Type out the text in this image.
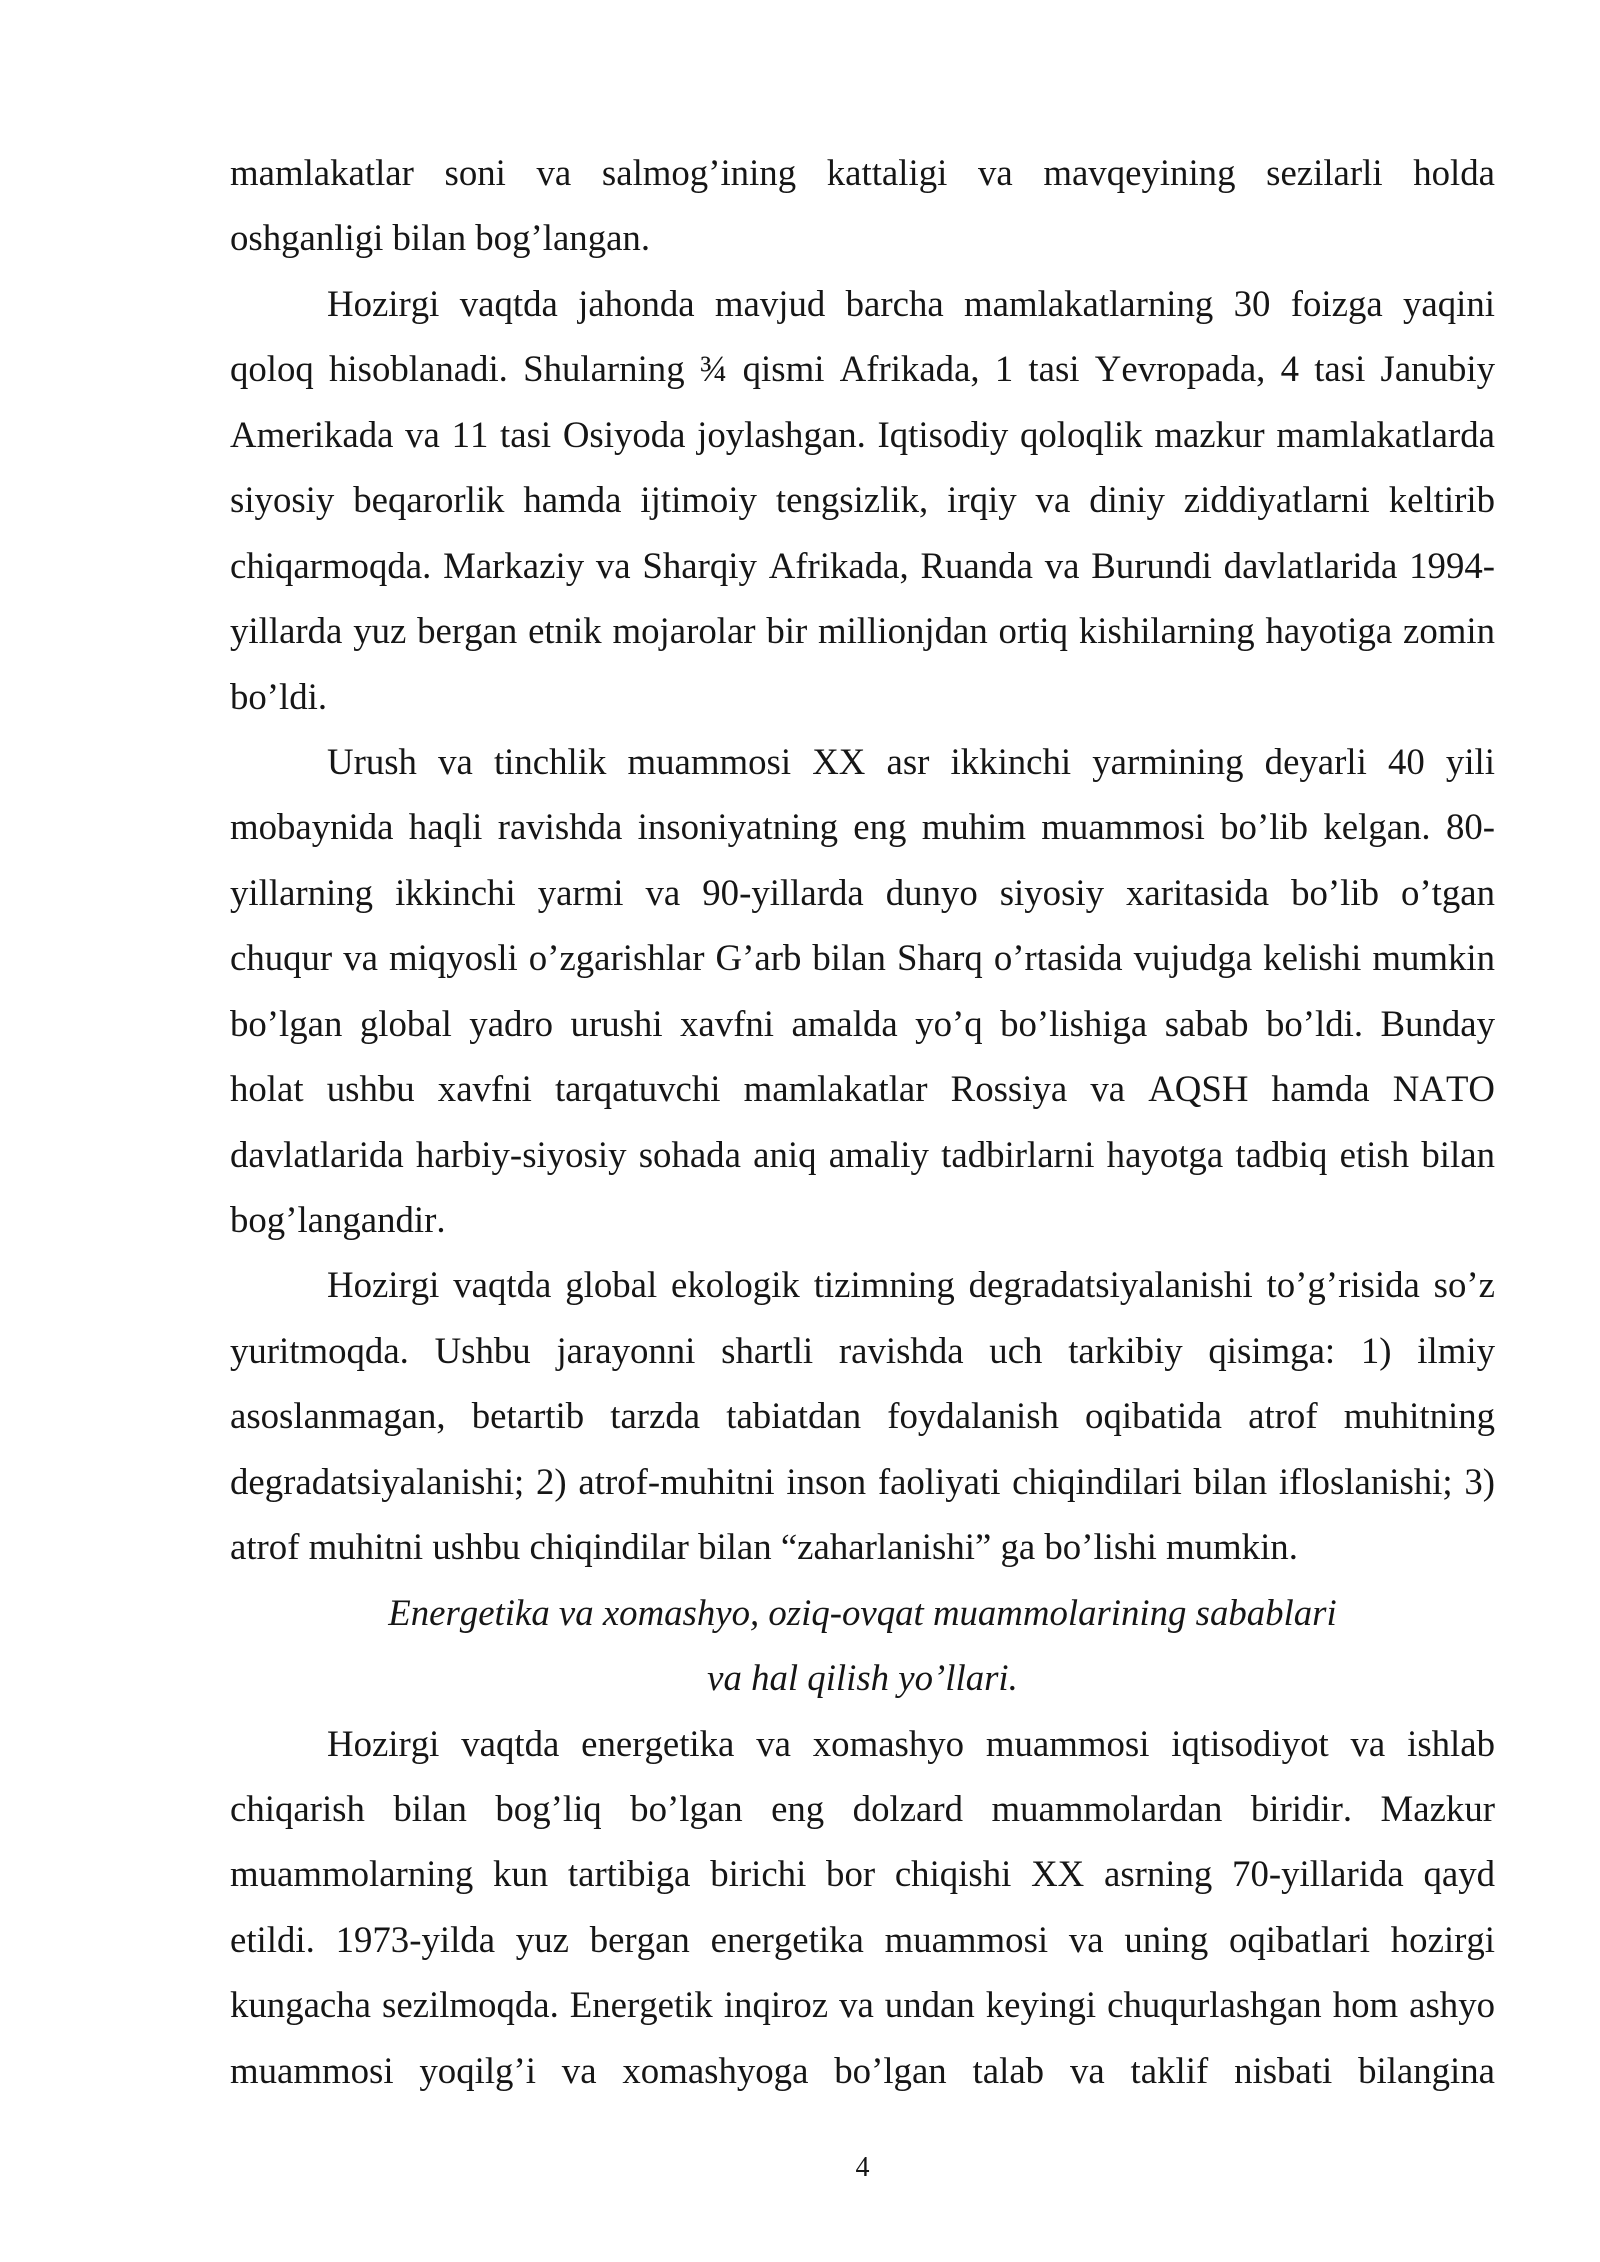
mamlakatlar soni va salmog’ining kattaligi va mavqeyining sezilarli holda
oshganligi bilan bog’langan.
Hozirgi vaqtda jahonda mavjud barcha mamlakatlarning 30 foizga yaqini
qoloq hisoblanadi. Shularning ¾ qismi Afrikada, 1 tasi Yevropada, 4 tasi Janubiy
Amerikada va 11 tasi Osiyoda joylashgan. Iqtisodiy qoloqlik mazkur mamlakatlarda
siyosiy beqarorlik hamda ijtimoiy tengsizlik, irqiy va diniy ziddiyatlarni keltirib
chiqarmoqda. Markaziy va Sharqiy Afrikada, Ruanda va Burundi davlatlarida 1994-
yillarda yuz bergan etnik mojarolar bir millionjdan ortiq kishilarning hayotiga zomin
bo’ldi.
Urush va tinchlik muammosi XX asr ikkinchi yarmining deyarli 40 yili
mobaynida haqli ravishda insoniyatning eng muhim muammosi bo’lib kelgan. 80-
yillarning ikkinchi yarmi va 90-yillarda dunyo siyosiy xaritasida bo’lib o’tgan
chuqur va miqyosli o’zgarishlar G’arb bilan Sharq o’rtasida vujudga kelishi mumkin
bo’lgan global yadro urushi xavfni amalda yo’q bo’lishiga sabab bo’ldi. Bunday
holat ushbu xavfni tarqatuvchi mamlakatlar Rossiya va AQSH hamda NATO
davlatlarida harbiy-siyosiy sohada aniq amaliy tadbirlarni hayotga tadbiq etish bilan
bog’langandir.
Hozirgi vaqtda global ekologik tizimning degradatsiyalanishi to’g’risida so’z
yuritmoqda. Ushbu jarayonni shartli ravishda uch tarkibiy qisimga: 1) ilmiy
asoslanmagan, betartib tarzda tabiatdan foydalanish oqibatida atrof muhitning
degradatsiyalanishi; 2) atrof-muhitni inson faoliyati chiqindilari bilan ifloslanishi; 3)
atrof muhitni ushbu chiqindilar bilan “zaharlanishi” ga bo’lishi mumkin.
Energetika va xomashyo, oziq-ovqat muammolarining sabablari
va hal qilish yo’llari.
Hozirgi vaqtda energetika va xomashyo muammosi iqtisodiyot va ishlab
chiqarish bilan bog’liq bo’lgan eng dolzard muammolardan biridir. Mazkur
muammolarning kun tartibiga birichi bor chiqishi XX asrning 70-yillarida qayd
etildi. 1973-yilda yuz bergan energetika muammosi va uning oqibatlari hozirgi
kungacha sezilmoqda. Energetik inqiroz va undan keyingi chuqurlashgan hom ashyo
muammosi yoqilg’i va xomashyoga bo’lgan talab va taklif nisbati bilangina
4
